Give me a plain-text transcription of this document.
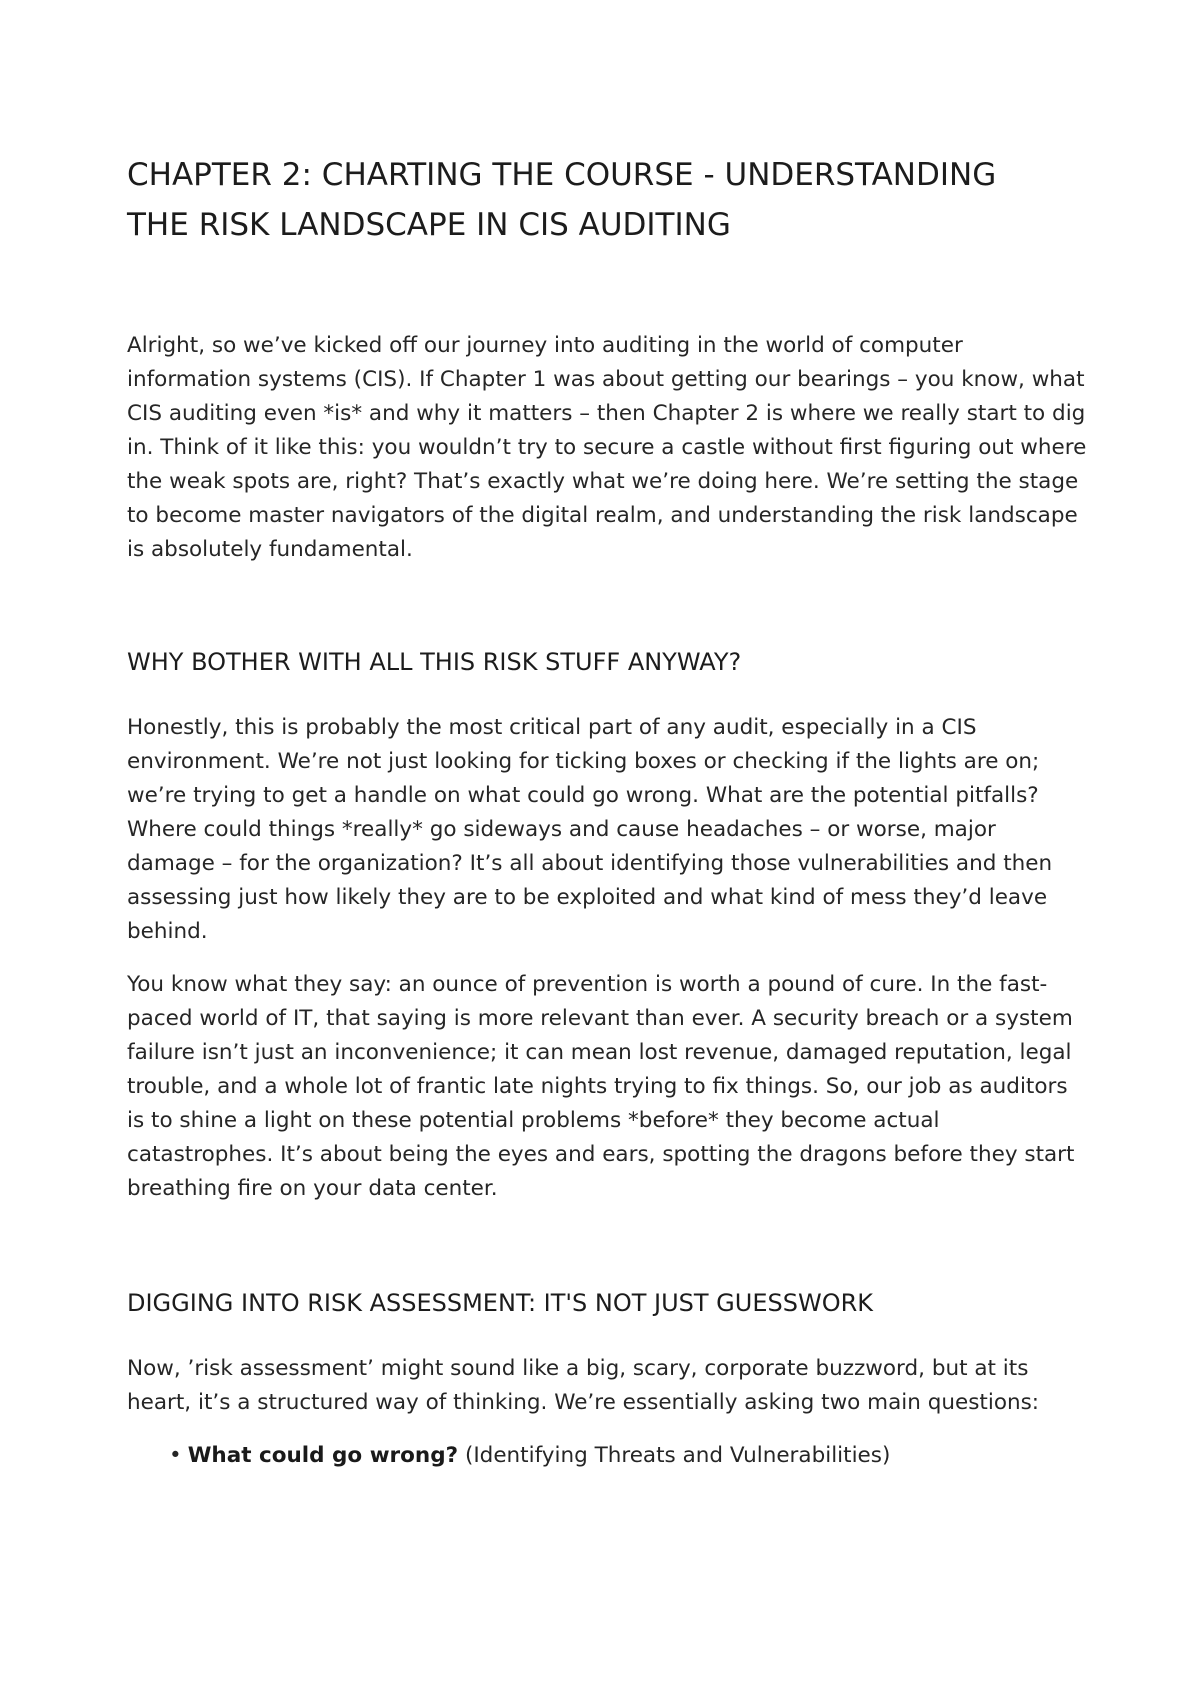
CHAPTER 2: CHARTING THE COURSE - UNDERSTANDING THE RISK LANDSCAPE IN CIS AUDITING

Alright, so we’ve kicked off our journey into auditing in the world of computer information systems (CIS). If Chapter 1 was about getting our bearings – you know, what CIS auditing even *is* and why it matters – then Chapter 2 is where we really start to dig in. Think of it like this: you wouldn’t try to secure a castle without first figuring out where the weak spots are, right? That’s exactly what we’re doing here. We’re setting the stage to become master navigators of the digital realm, and understanding the risk landscape is absolutely fundamental.

WHY BOTHER WITH ALL THIS RISK STUFF ANYWAY?

Honestly, this is probably the most critical part of any audit, especially in a CIS environment. We’re not just looking for ticking boxes or checking if the lights are on; we’re trying to get a handle on what could go wrong. What are the potential pitfalls? Where could things *really* go sideways and cause headaches – or worse, major damage – for the organization? It’s all about identifying those vulnerabilities and then assessing just how likely they are to be exploited and what kind of mess they’d leave behind.

You know what they say: an ounce of prevention is worth a pound of cure. In the fast-paced world of IT, that saying is more relevant than ever. A security breach or a system failure isn’t just an inconvenience; it can mean lost revenue, damaged reputation, legal trouble, and a whole lot of frantic late nights trying to fix things. So, our job as auditors is to shine a light on these potential problems *before* they become actual catastrophes. It’s about being the eyes and ears, spotting the dragons before they start breathing fire on your data center.

DIGGING INTO RISK ASSESSMENT: IT'S NOT JUST GUESSWORK

Now, ’risk assessment’ might sound like a big, scary, corporate buzzword, but at its heart, it’s a structured way of thinking. We’re essentially asking two main questions:

• What could go wrong? (Identifying Threats and Vulnerabilities)
